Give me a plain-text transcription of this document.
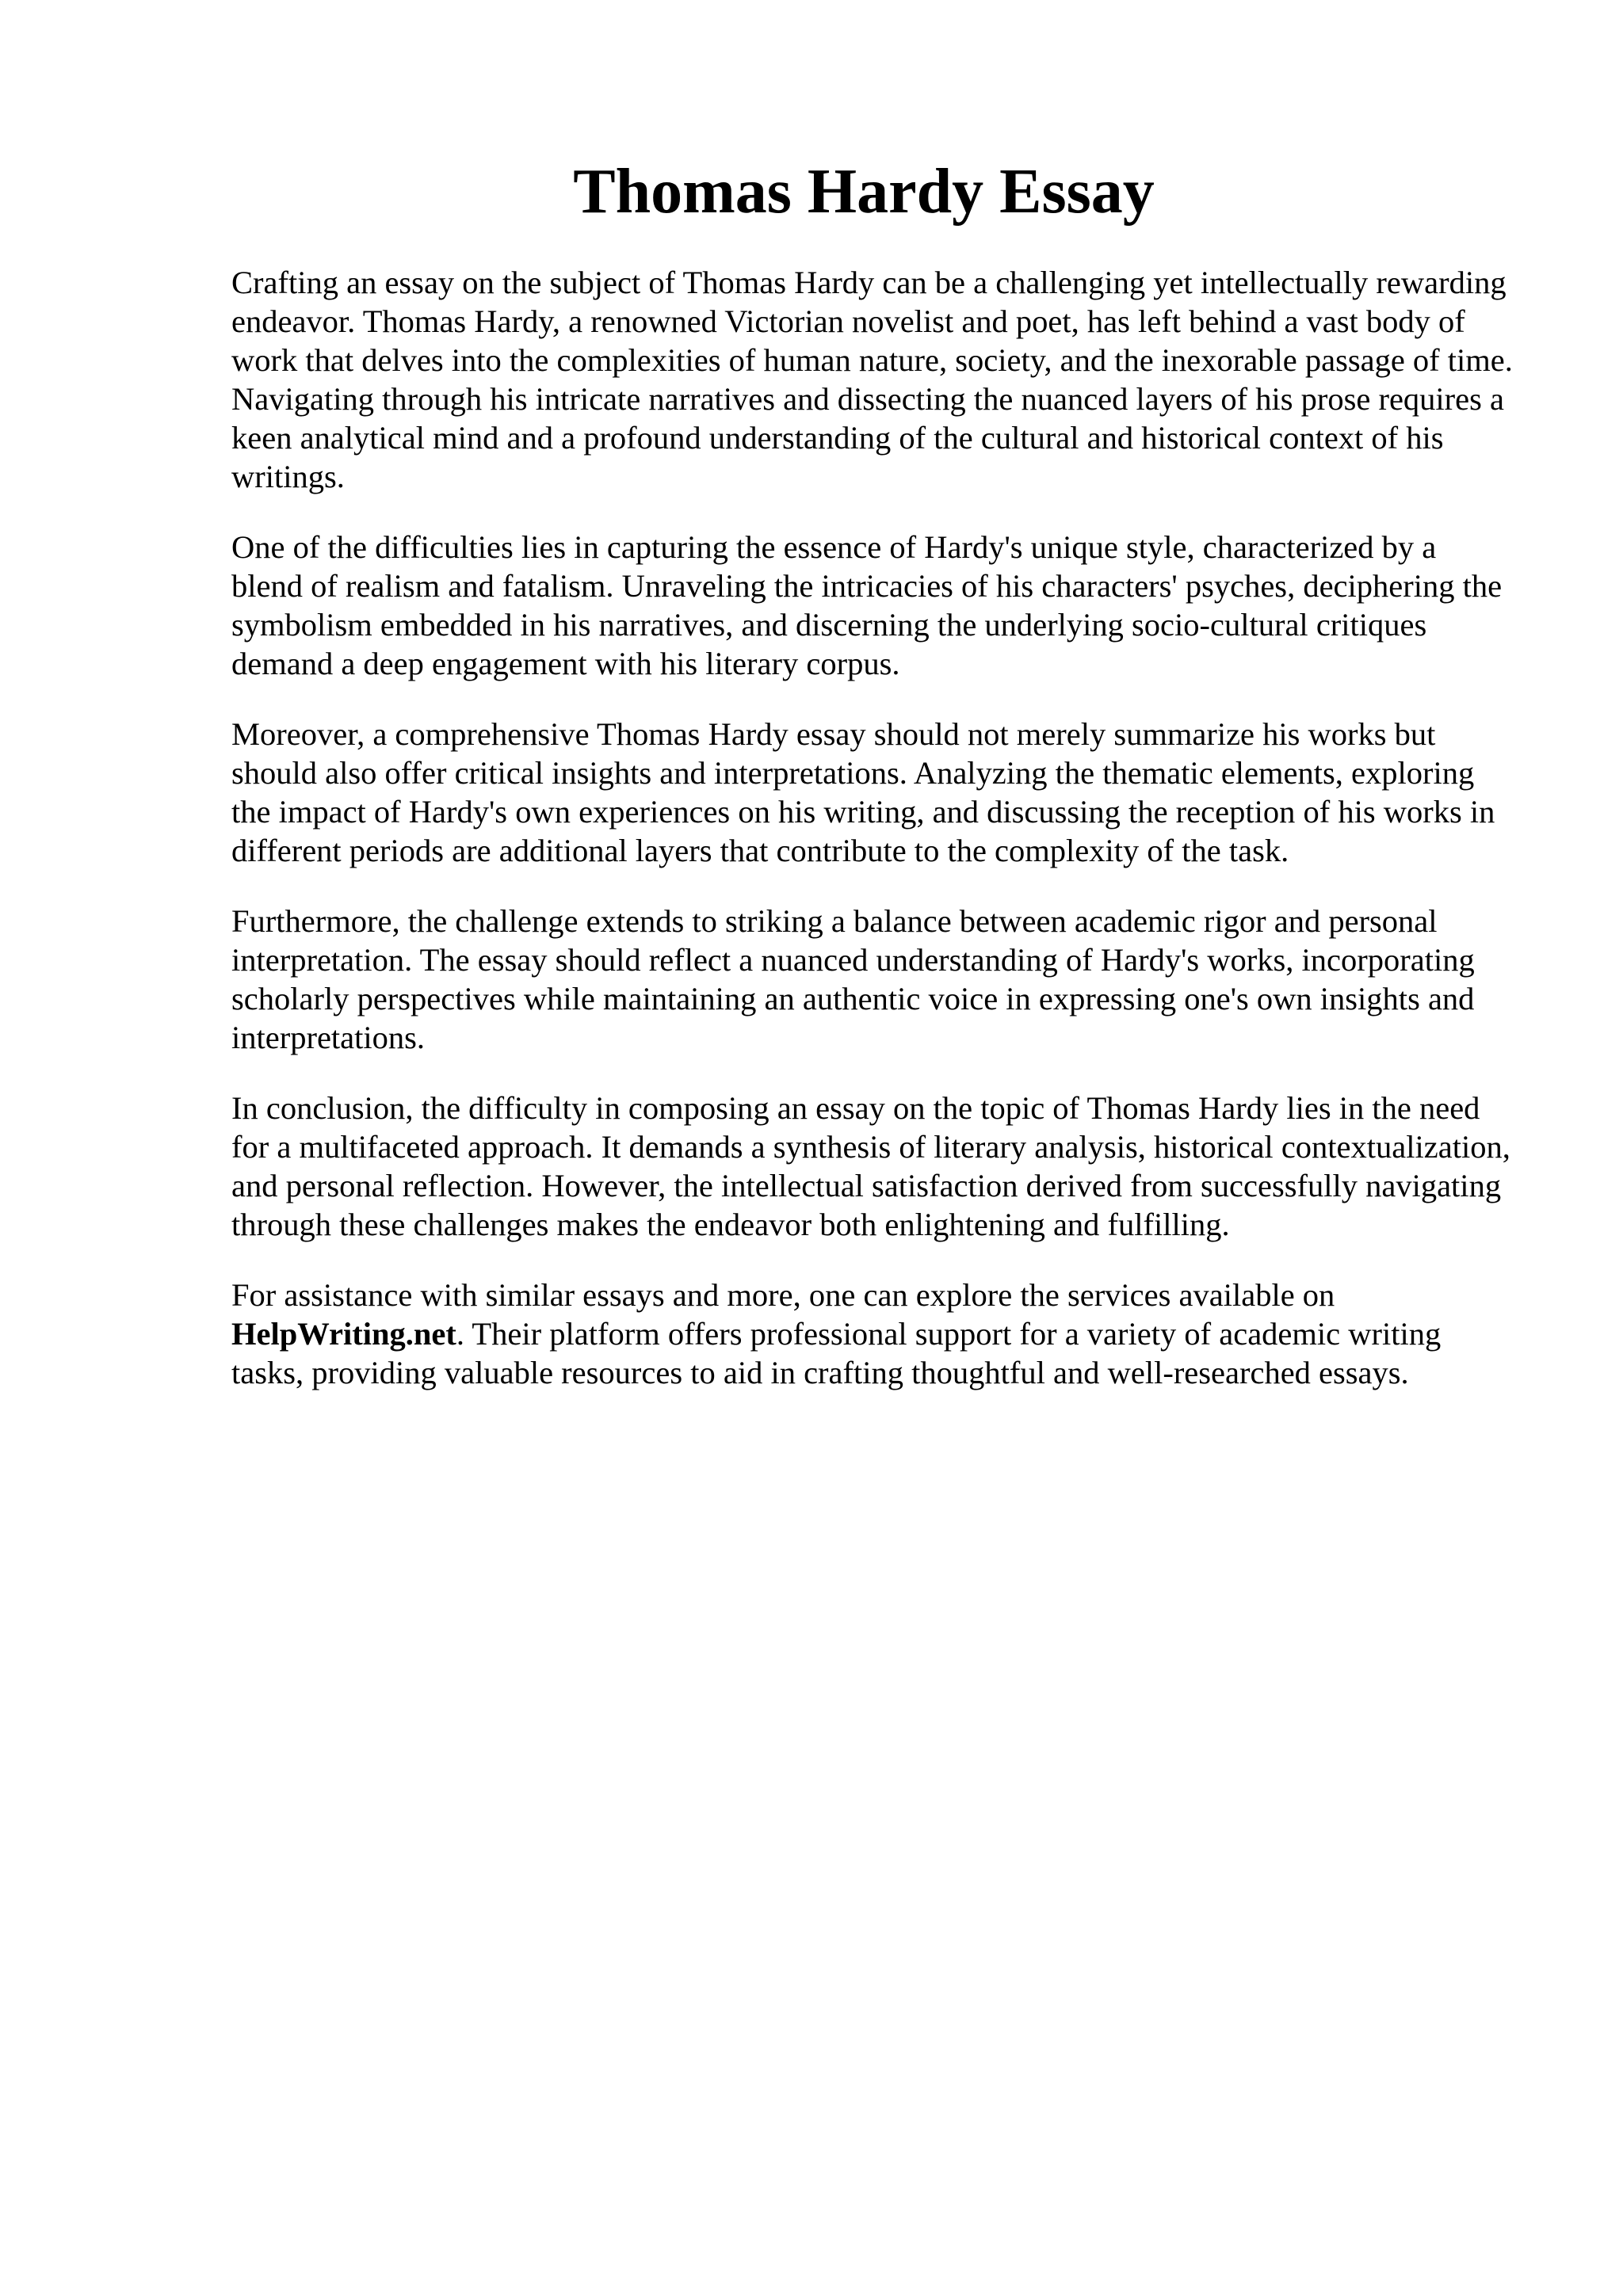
Thomas Hardy Essay

Crafting an essay on the subject of Thomas Hardy can be a challenging yet intellectually rewarding endeavor. Thomas Hardy, a renowned Victorian novelist and poet, has left behind a vast body of work that delves into the complexities of human nature, society, and the inexorable passage of time. Navigating through his intricate narratives and dissecting the nuanced layers of his prose requires a keen analytical mind and a profound understanding of the cultural and historical context of his writings.

One of the difficulties lies in capturing the essence of Hardy's unique style, characterized by a blend of realism and fatalism. Unraveling the intricacies of his characters' psyches, deciphering the symbolism embedded in his narratives, and discerning the underlying socio-cultural critiques demand a deep engagement with his literary corpus.

Moreover, a comprehensive Thomas Hardy essay should not merely summarize his works but should also offer critical insights and interpretations. Analyzing the thematic elements, exploring the impact of Hardy's own experiences on his writing, and discussing the reception of his works in different periods are additional layers that contribute to the complexity of the task.

Furthermore, the challenge extends to striking a balance between academic rigor and personal interpretation. The essay should reflect a nuanced understanding of Hardy's works, incorporating scholarly perspectives while maintaining an authentic voice in expressing one's own insights and interpretations.

In conclusion, the difficulty in composing an essay on the topic of Thomas Hardy lies in the need for a multifaceted approach. It demands a synthesis of literary analysis, historical contextualization, and personal reflection. However, the intellectual satisfaction derived from successfully navigating through these challenges makes the endeavor both enlightening and fulfilling.

For assistance with similar essays and more, one can explore the services available on HelpWriting.net. Their platform offers professional support for a variety of academic writing tasks, providing valuable resources to aid in crafting thoughtful and well-researched essays.
